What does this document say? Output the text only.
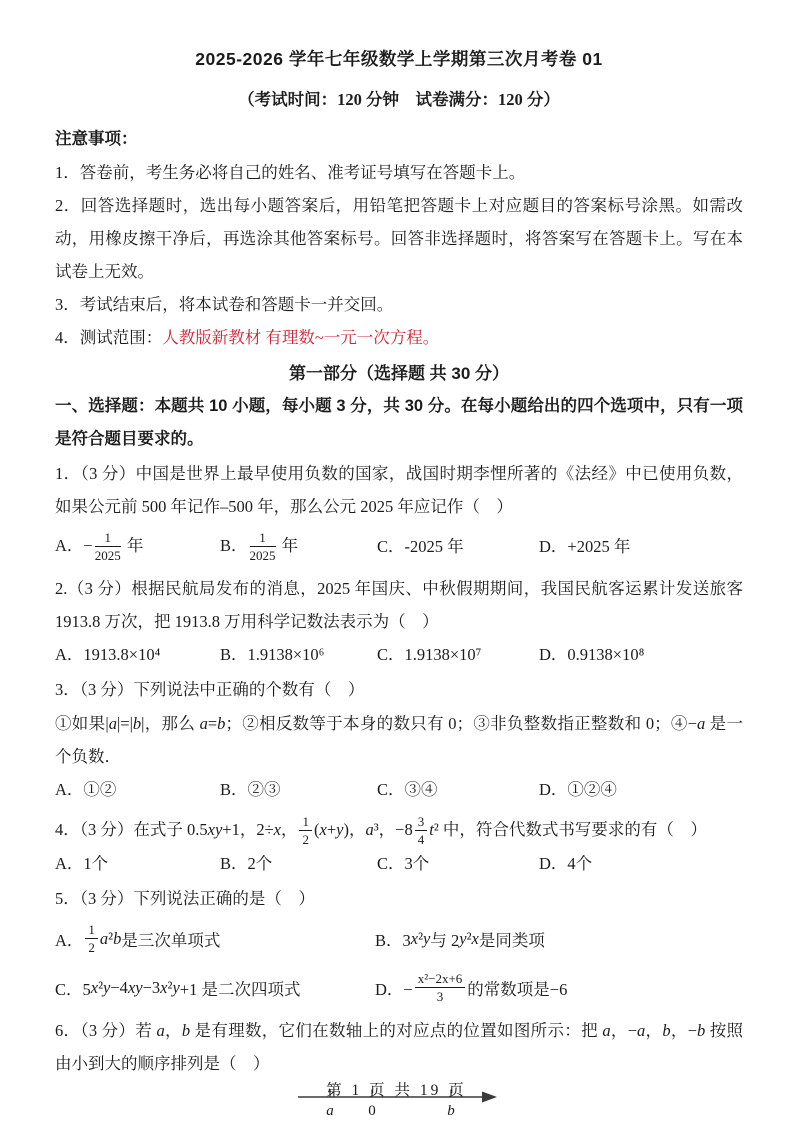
2025-2026 学年七年级数学上学期第三次月考卷 01
（考试时间：120 分钟　试卷满分：120 分）
注意事项：
1．答卷前，考生务必将自己的姓名、准考证号填写在答题卡上。
2．回答选择题时，选出每小题答案后，用铅笔把答题卡上对应题目的答案标号涂黑。如需改动，用橡皮擦干净后，再选涂其他答案标号。回答非选择题时，将答案写在答题卡上。写在本试卷上无效。
3．考试结束后，将本试卷和答题卡一并交回。
4．测试范围：人教版新教材 有理数~一元一次方程。
第一部分（选择题 共 30 分）
一、选择题：本题共 10 小题，每小题 3 分，共 30 分。在每小题给出的四个选项中，只有一项是符合题目要求的。
1．（3 分）中国是世界上最早使用负数的国家，战国时期李悝所著的《法经》中已使用负数，如果公元前 500 年记作–500 年，那么公元 2025 年应记作（　）
A．− $\frac{1}{2025}$ 年	B． $\frac{1}{2025}$ 年	C．-2025 年	D．+2025 年
2.（3 分）根据民航局发布的消息，2025 年国庆、中秋假期期间，我国民航客运累计发送旅客 1913.8 万次，把 1913.8 万用科学记数法表示为（　）
A．1913.8×10⁴	B．1.9138×10⁶	C．1.9138×10⁷	D．0.9138×10⁸
3．（3 分）下列说法中正确的个数有（　）
①如果|a|=|b|，那么 a=b；②相反数等于本身的数只有 0；③非负整数指正整数和 0；④−a 是一个负数．
A．①②	B．②③	C．③④	D．①②④
4．（3 分）在式子 0.5xy+1，2÷x， $\frac{1}{2} (x+y)$，a³，$-8 \frac{3}{4} t^2$ 中，符合代数式书写要求的有（　）
A．1个	B．2个	C．3个	D．4个
5．（3 分）下列说法正确的是（　）
A． $\frac{1}{2}$ a ² b 是三次单项式	B．3 x ² y 与 2 y ² x 是同类项
C．5 x ² y −4 xy −3 x ² y +1 是二次四项式	D．− $\frac{\text{x²−2x+6}}{3}$ 的常数项是−6
6．（3 分）若 a，b 是有理数，它们在数轴上的对应点的位置如图所示：把 a，−a，b，−b 按照由小到大的顺序排列是（　）
a 0	b
第 1 页 共 19 页
